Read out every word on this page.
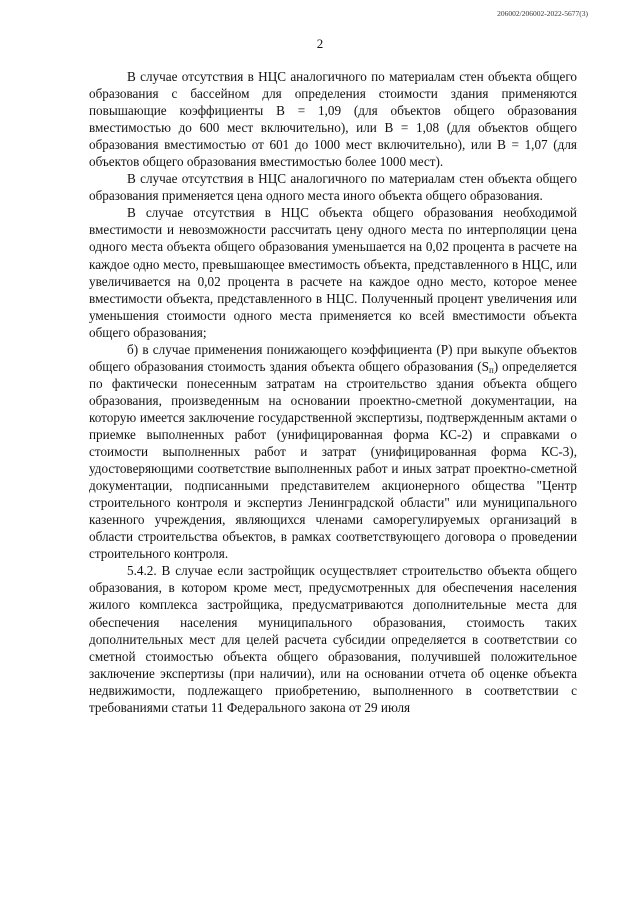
206002/206002-2022-5677(3)
2

В случае отсутствия в НЦС аналогичного по материалам стен объекта общего образования с бассейном для определения стоимости здания применяются повышающие коэффициенты В = 1,09 (для объектов общего образования вместимостью до 600 мест включительно), или В = 1,08 (для объектов общего образования вместимостью от 601 до 1000 мест включительно), или В = 1,07 (для объектов общего образования вместимостью более 1000 мест).

В случае отсутствия в НЦС аналогичного по материалам стен объекта общего образования применяется цена одного места иного объекта общего образования.

В случае отсутствия в НЦС объекта общего образования необходимой вместимости и невозможности рассчитать цену одного места по интерполяции цена одного места объекта общего образования уменьшается на 0,02 процента в расчете на каждое одно место, превышающее вместимость объекта, представленного в НЦС, или увеличивается на 0,02 процента в расчете на каждое одно место, которое менее вместимости объекта, представленного в НЦС. Полученный процент увеличения или уменьшения стоимости одного места применяется ко всей вместимости объекта общего образования;

б) в случае применения понижающего коэффициента (Р) при выкупе объектов общего образования стоимость здания объекта общего образования $(S_п)$ определяется по фактически понесенным затратам на строительство здания объекта общего образования, произведенным на основании проектно-сметной документации, на которую имеется заключение государственной экспертизы, подтвержденным актами о приемке выполненных работ (унифицированная форма КС-2) и справками о стоимости выполненных работ и затрат (унифицированная форма КС-3), удостоверяющими соответствие выполненных работ и иных затрат проектно-сметной документации, подписанными представителем акционерного общества "Центр строительного контроля и экспертиз Ленинградской области" или муниципального казенного учреждения, являющихся членами саморегулируемых организаций в области строительства объектов, в рамках соответствующего договора о проведении строительного контроля.

5.4.2. В случае если застройщик осуществляет строительство объекта общего образования, в котором кроме мест, предусмотренных для обеспечения населения жилого комплекса застройщика, предусматриваются дополнительные места для обеспечения населения муниципального образования, стоимость таких дополнительных мест для целей расчета субсидии определяется в соответствии со сметной стоимостью объекта общего образования, получившей положительное заключение экспертизы (при наличии), или на основании отчета об оценке объекта недвижимости, подлежащего приобретению, выполненного в соответствии с требованиями статьи 11 Федерального закона от 29 июля
